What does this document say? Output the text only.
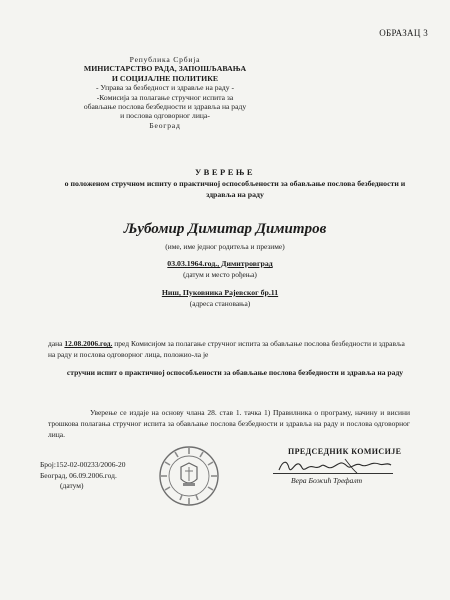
ОБРАЗАЦ 3
Република Србија
МИНИСТАРСТВО РАДА, ЗАПОШЉАВАЊА
И СОЦИЈАЛНЕ ПОЛИТИКЕ
- Управа за безбедност и здравље на раду -
-Комисија за полагање стручног испита за
обављање послова безбедности и здравља на раду
и послова одговорног лица-
Београд
УВЕРЕЊЕ
о положеном стручном испиту о практичној оспособљености за обављање послова безбедности и здравља на раду
Љубомир Димитар Димитров
(име, име једног родитеља и презиме)
03.03.1964.год., Димитровград
(датум и место рођења)
Ниш, Пуковника Рајевског бр.11
(адреса становања)
дана 12.08.2006.год. пред Комисијом за полагање стручног испита за обављање послова безбедности и здравља на раду и послова одговорног лица, положио-ла је
стручни испит о практичној оспособљености за обављање послова безбедности и здравља на раду
Уверење се издаје на основу члана 28. став 1. тачка 1) Правилника о програму, начину и висини трошкова полагања стручног испита за обављање послова безбедности и здравља на раду и послова одговорног лица.
Број:152-02-00233/2006-20
Београд, 06.09.2006.год.
(датум)
ПРЕДСЕДНИК КОМИСИЈЕ
Вера Божић Трефалт
